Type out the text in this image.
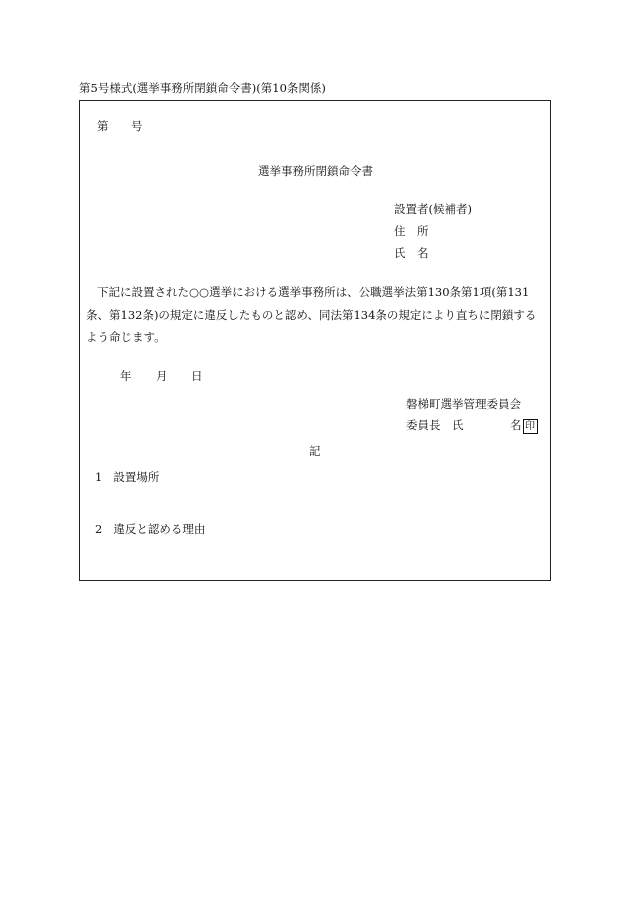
第5号様式(選挙事務所閉鎖命令書)(第10条関係)
第 号
選挙事務所閉鎖命令書
設置者(候補者)
住　所
氏　名
下記に設置された○○選挙における選挙事務所は、公職選挙法第130条第1項(第131条、第132条)の規定に違反したものと認め、同法第134条の規定により直ちに閉鎖するよう命じます。
年 月 日
磐梯町選挙管理委員会
委員長　氏	名 印
記
1 設置場所
2 違反と認める理由
